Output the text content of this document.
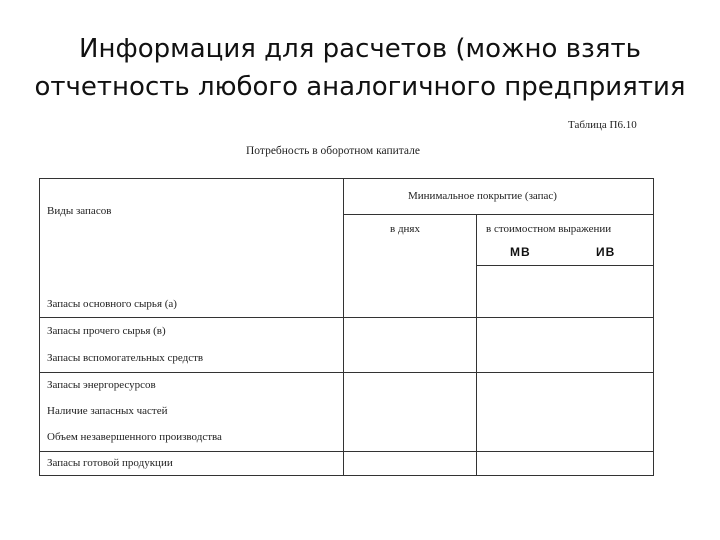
Информация для расчетов (можно взять
отчетность любого аналогичного предприятия
Таблица П6.10
Потребность в оборотном капитале
Виды запасов
Минимальное покрытие (запас)
в днях	в стоимостном выражении
МВ	ИВ
Запасы основного сырья (а)
Запасы прочего сырья (в)
Запасы вспомогательных средств
Запасы энергоресурсов
Наличие запасных частей
Объем незавершенного производства
Запасы готовой продукции
